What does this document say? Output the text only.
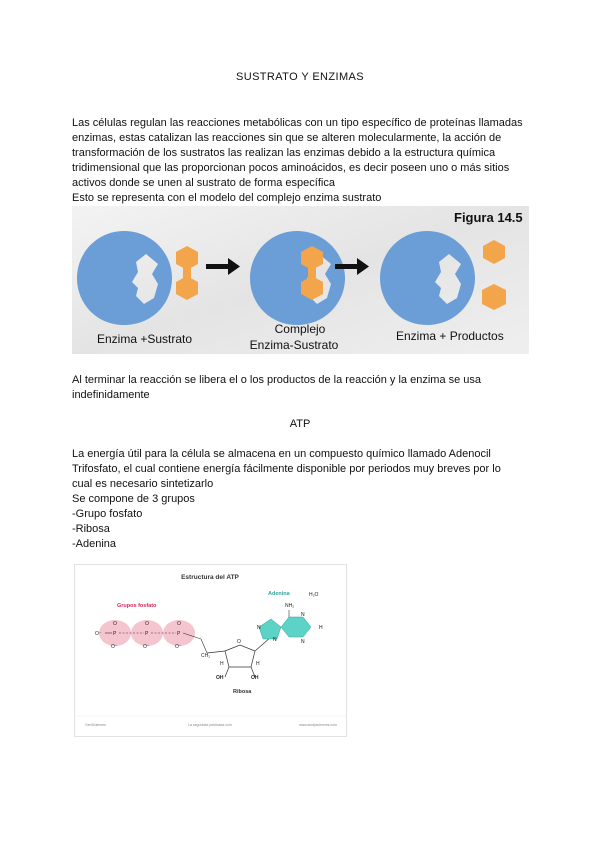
SUSTRATO Y ENZIMAS
Las células regulan las reacciones metabólicas con un tipo específico de proteínas llamadas
enzimas, estas catalizan las reacciones sin que se alteren molecularmente, la acción de
transformación de los sustratos las realizan las enzimas debido a la estructura química
tridimensional que las proporcionan pocos aminoácidos, es decir poseen uno o más sitios
activos donde se unen al sustrato de forma específica
Esto se representa con el modelo del complejo enzima sustrato
Figura 14.5
Enzima +Sustrato
Complejo
Enzima-Sustrato
Enzima + Productos
Al terminar la reacción se libera el o los productos de la reacción y la enzima se usa
indefinidamente
ATP
La energía útil para la célula se almacena en un compuesto químico llamado Adenocil
Trifosfato, el cual contiene energía fácilmente disponible por periodos muy breves por lo
cual es necesario sintetizarlo
Se compone de 3 grupos
-Grupo fosfato
-Ribosa
-Adenina
Estructura del ATP
Grupos fosfato
O⁻ P	P	P
O	O	O
O⁻	O⁻	O⁻
CH₂
O
OH	OH
H	H
Ribosa
Adenina	H₂O
NH₂
N
N
N
N
H
GenSciences	La seguridad publicada com	www.studysciences.com
